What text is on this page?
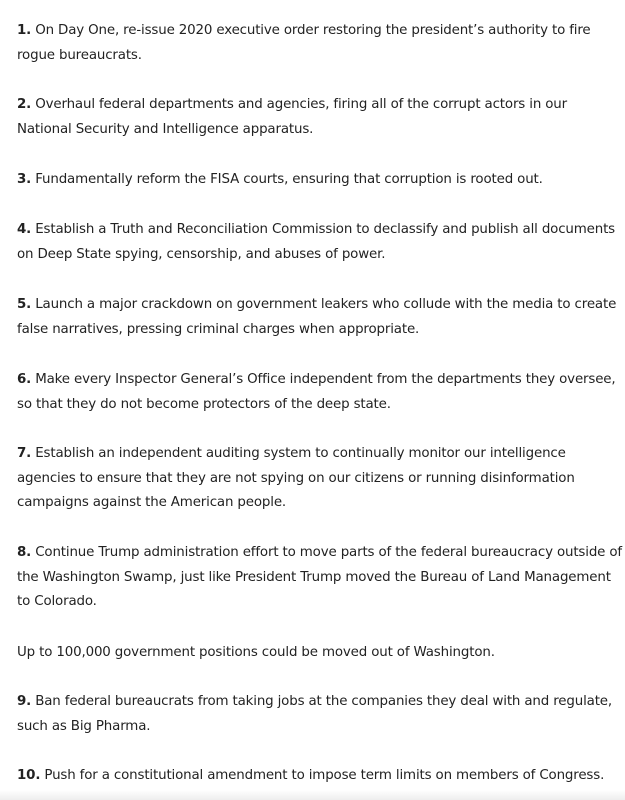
1. On Day One, re-issue 2020 executive order restoring the president’s authority to fire rogue bureaucrats.

2. Overhaul federal departments and agencies, firing all of the corrupt actors in our National Security and Intelligence apparatus.

3. Fundamentally reform the FISA courts, ensuring that corruption is rooted out.

4. Establish a Truth and Reconciliation Commission to declassify and publish all documents on Deep State spying, censorship, and abuses of power.

5. Launch a major crackdown on government leakers who collude with the media to create false narratives, pressing criminal charges when appropriate.

6. Make every Inspector General’s Office independent from the departments they oversee, so that they do not become protectors of the deep state.

7. Establish an independent auditing system to continually monitor our intelligence agencies to ensure that they are not spying on our citizens or running disinformation campaigns against the American people.

8. Continue Trump administration effort to move parts of the federal bureaucracy outside of the Washington Swamp, just like President Trump moved the Bureau of Land Management to Colorado.

Up to 100,000 government positions could be moved out of Washington.

9. Ban federal bureaucrats from taking jobs at the companies they deal with and regulate, such as Big Pharma.

10. Push for a constitutional amendment to impose term limits on members of Congress.
